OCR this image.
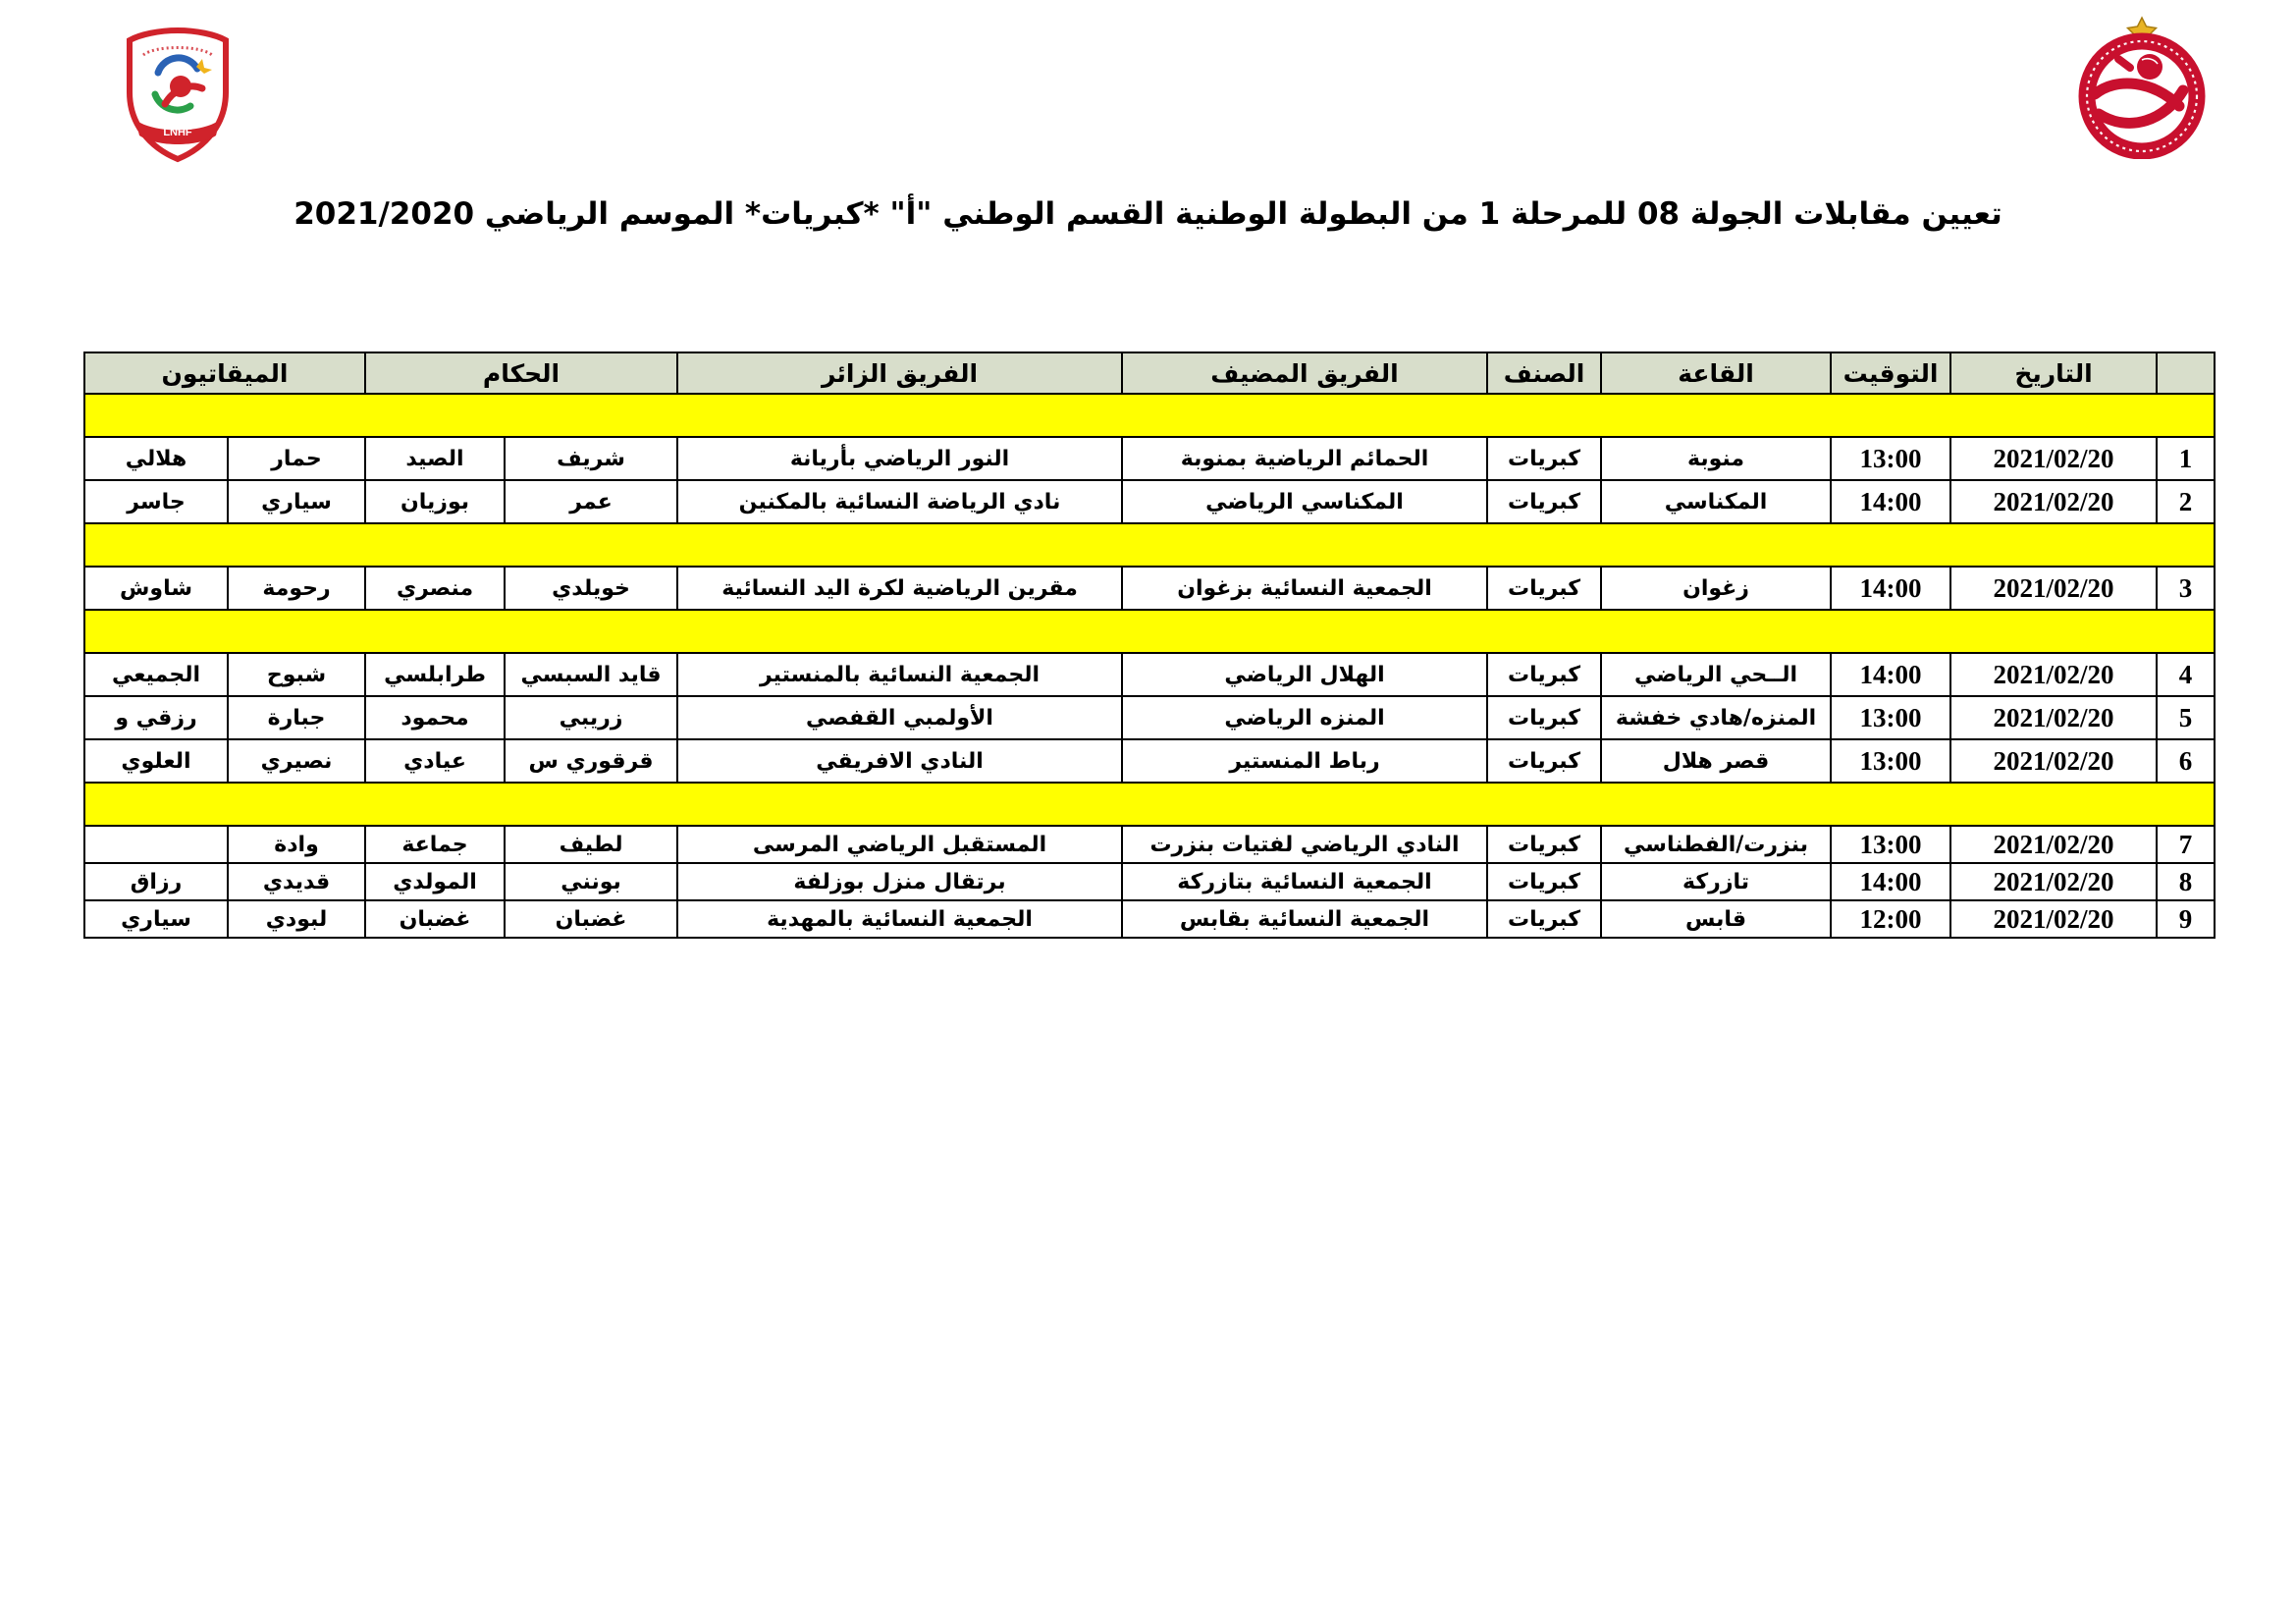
LNHF
تعيين مقابلات الجولة 08 للمرحلة 1 من البطولة الوطنية القسم الوطني "أ" *كبريات* الموسم الرياضي 2021/2020
	التاريخ	التوقيت	القاعة	الصنف	الفريق المضيف	الفريق الزائر	الحكام		الميقاتيون	

1	2021/02/20	13:00	منوبة	كبريات	الحمائم الرياضية بمنوبة	النور الرياضي بأريانة	شريف	الصيد	حمار	هلالي
2	2021/02/20	14:00	المكناسي	كبريات	المكناسي الرياضي	نادي الرياضة النسائية بالمكنين	عمر	بوزيان	سياري	جاسر

3	2021/02/20	14:00	زغوان	كبريات	الجمعية النسائية بزغوان	مقرين الرياضية لكرة اليد النسائية	خويلدي	منصري	رحومة	شاوش

4	2021/02/20	14:00	الــحي الرياضي	كبريات	الهلال الرياضي	الجمعية النسائية بالمنستير	قايد السبسي	طرابلسي	شبوح	الجميعي
5	2021/02/20	13:00	المنزه/هادي خفشة	كبريات	المنزه الرياضي	الأولمبي القفصي	زريبي	محمود	جبارة	رزقي و
6	2021/02/20	13:00	قصر هلال	كبريات	رباط المنستير	النادي الافريقي	قرقوري س	عيادي	نصيري	العلوي

7	2021/02/20	13:00	بنزرت/الفطناسي	كبريات	النادي الرياضي لفتيات بنزرت	المستقبل الرياضي المرسى	لطيف	جماعة	وادة	
8	2021/02/20	14:00	تازركة	كبريات	الجمعية النسائية بتازركة	برتقال منزل بوزلفة	بونني	المولدي	قديدي	رزاق
9	2021/02/20	12:00	قابس	كبريات	الجمعية النسائية بقابس	الجمعية النسائية بالمهدية	غضبان	غضبان	لبودي	سياري
